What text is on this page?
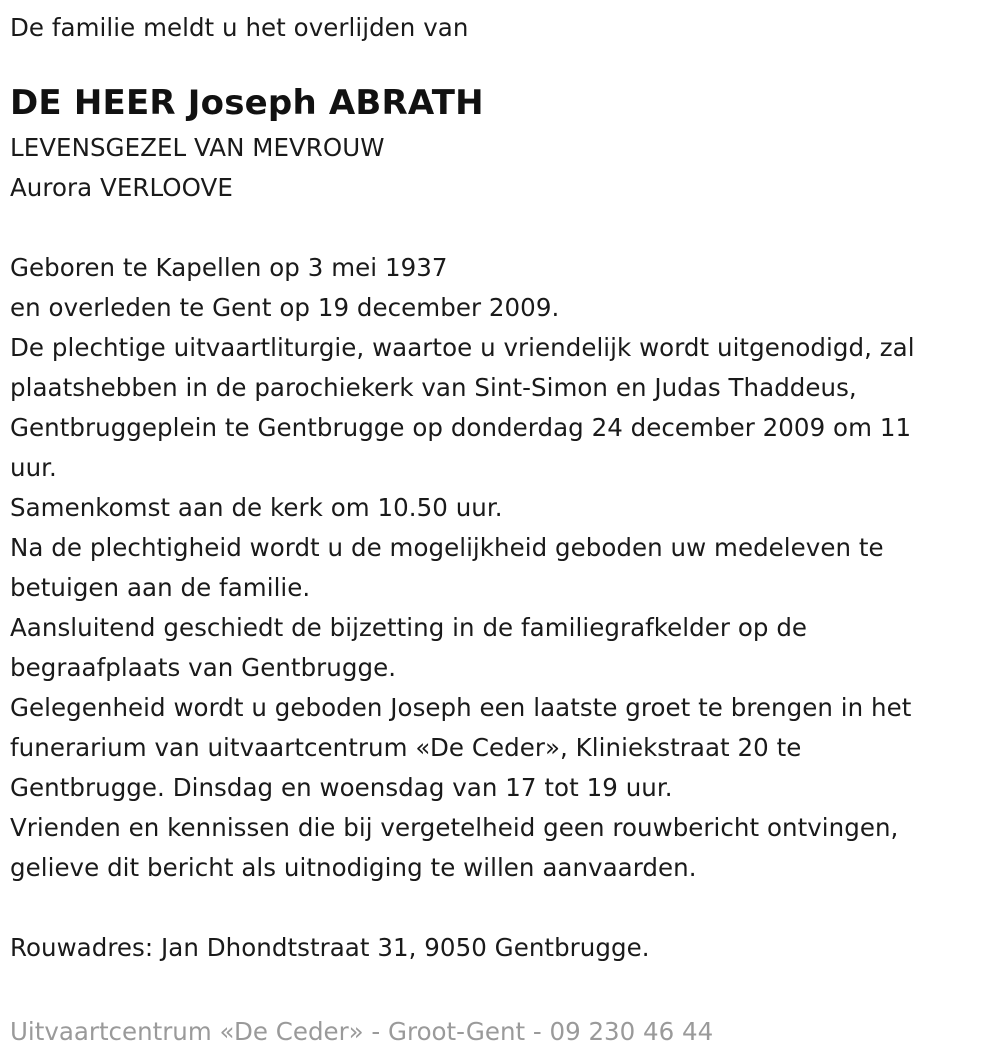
De familie meldt u het overlijden van
DE HEER Joseph ABRATH
LEVENSGEZEL VAN MEVROUW
Aurora VERLOOVE
Geboren te Kapellen op 3 mei 1937
en overleden te Gent op 19 december 2009.
De plechtige uitvaartliturgie, waartoe u vriendelijk wordt uitgenodigd, zal
plaatshebben in de parochiekerk van Sint-Simon en Judas Thaddeus,
Gentbruggeplein te Gentbrugge op donderdag 24 december 2009 om 11
uur.
Samenkomst aan de kerk om 10.50 uur.
Na de plechtigheid wordt u de mogelijkheid geboden uw medeleven te
betuigen aan de familie.
Aansluitend geschiedt de bijzetting in de familiegrafkelder op de
begraafplaats van Gentbrugge.
Gelegenheid wordt u geboden Joseph een laatste groet te brengen in het
funerarium van uitvaartcentrum «De Ceder», Kliniekstraat 20 te
Gentbrugge. Dinsdag en woensdag van 17 tot 19 uur.
Vrienden en kennissen die bij vergetelheid geen rouwbericht ontvingen,
gelieve dit bericht als uitnodiging te willen aanvaarden.
Rouwadres: Jan Dhondtstraat 31, 9050 Gentbrugge.
Uitvaartcentrum «De Ceder» - Groot-Gent - 09 230 46 44
